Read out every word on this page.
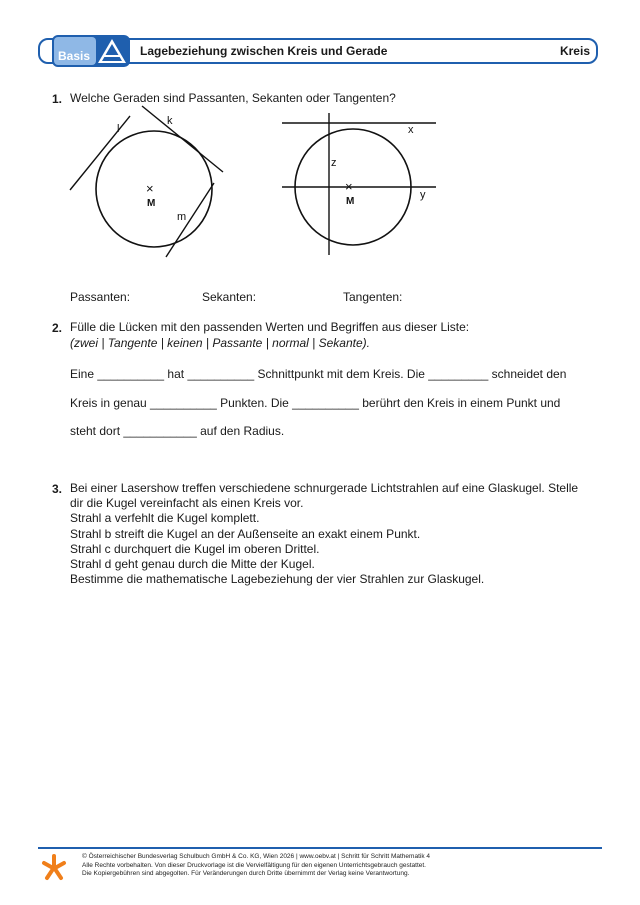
Basis	Lagebeziehung zwischen Kreis und Gerade	Kreis
1. Welche Geraden sind Passanten, Sekanten oder Tangenten?
l
k
m
×
M
x
y
z
×
M
Passanten:	Sekanten:	Tangenten:
2. Fülle die Lücken mit den passenden Werten und Begriffen aus dieser Liste:
(zwei | Tangente | keinen | Passante | normal | Sekante).
Eine __________ hat __________ Schnittpunkt mit dem Kreis. Die _________ schneidet den
Kreis in genau __________ Punkten. Die __________ berührt den Kreis in einem Punkt und
steht dort ___________ auf den Radius.
3. Bei einer Lasershow treffen verschiedene schnurgerade Lichtstrahlen auf eine Glaskugel. Stelle
dir die Kugel vereinfacht als einen Kreis vor.
Strahl a verfehlt die Kugel komplett.
Strahl b streift die Kugel an der Außenseite an exakt einem Punkt.
Strahl c durchquert die Kugel im oberen Drittel.
Strahl d geht genau durch die Mitte der Kugel.
Bestimme die mathematische Lagebeziehung der vier Strahlen zur Glaskugel.
© Österreichischer Bundesverlag Schulbuch GmbH & Co. KG, Wien 2026 | www.oebv.at | Schritt für Schritt Mathematik 4
Alle Rechte vorbehalten. Von dieser Druckvorlage ist die Vervielfältigung für den eigenen Unterrichtsgebrauch gestattet.
Die Kopiergebühren sind abgegolten. Für Veränderungen durch Dritte übernimmt der Verlag keine Verantwortung.
